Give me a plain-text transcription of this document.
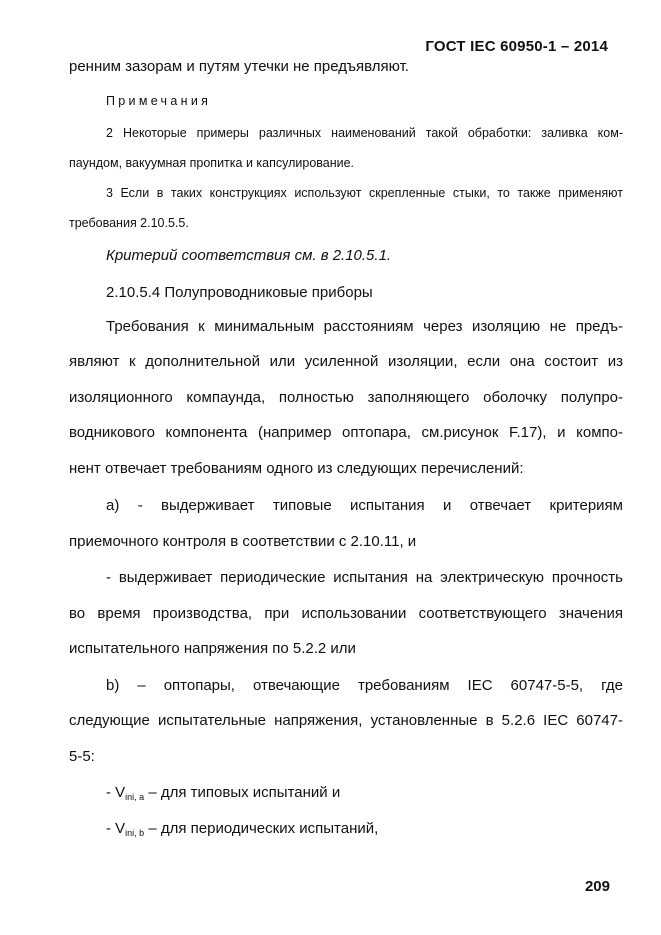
ГОСТ IEC 60950-1 – 2014
ренним зазорам и путям утечки не предъявляют.
Примечания
2 Некоторые примеры различных наименований такой обработки: заливка ком-
паундом, вакуумная пропитка и капсулирование.
3 Если в таких конструкциях используют скрепленные стыки, то также применяют
требования 2.10.5.5.
Критерий соответствия см. в 2.10.5.1.
2.10.5.4 Полупроводниковые приборы
Требования к минимальным расстояниям через изоляцию не предъ-
являют к дополнительной или усиленной изоляции, если она состоит из
изоляционного компаунда, полностью заполняющего оболочку полупро-
водникового компонента (например оптопара, см.рисунок F.17), и компо-
нент отвечает требованиям одного из следующих перечислений:
а) - выдерживает типовые испытания и отвечает критериям
приемочного контроля в соответствии с 2.10.11, и
- выдерживает периодические испытания на электрическую прочность
во время производства, при использовании соответствующего значения
испытательного напряжения по 5.2.2 или
b) – оптопары, отвечающие требованиям IEC 60747-5-5, где
следующие испытательные напряжения, установленные в 5.2.6 IEC 60747-
5-5:
- $V_{ini, a}$ – для типовых испытаний и
- $V_{ini, b}$ – для периодических испытаний,
209
